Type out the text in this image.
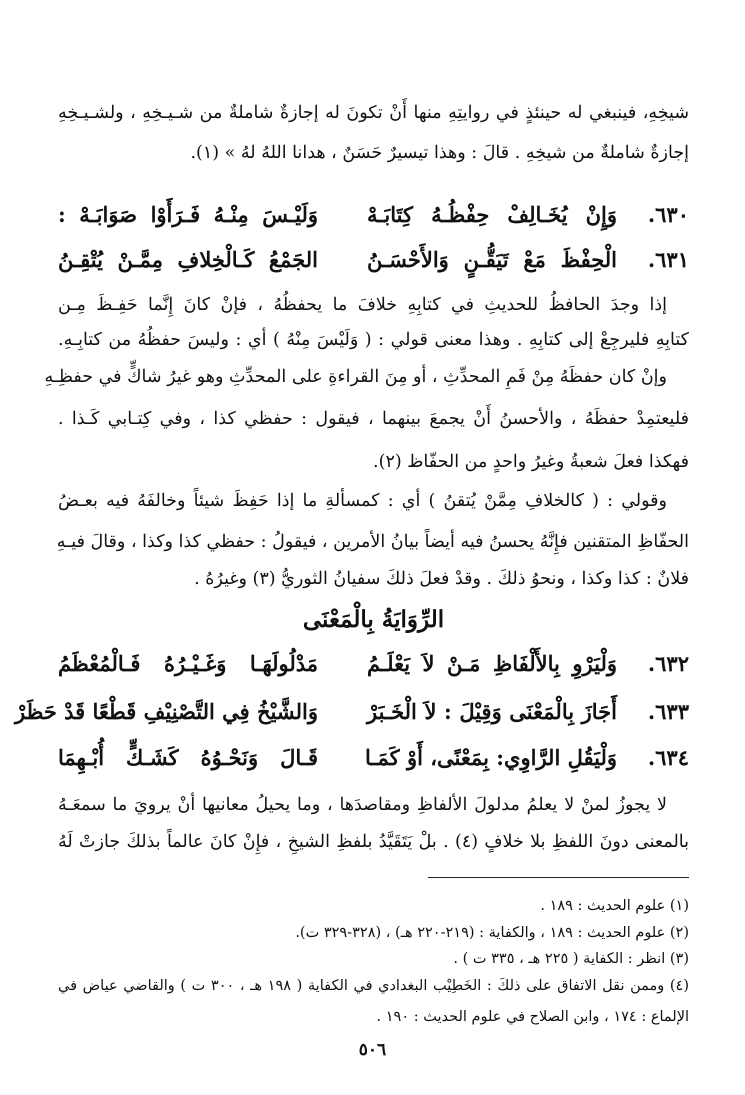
شيخِهِ، فينبغي له حينئذٍ في روايتِهِ منها أَنْ تكونَ له إجازةٌ شاملةٌ من شـيـخِهِ ، ولشـيـخِهِ
إجازةٌ شاملةٌ من شيخِهِ . قالَ : وهذا تيسيرٌ حَسَنٌ ، هدانا اللهُ لهُ » (١).
٦٣٠.
وَإِنْ يُخَـالِفْ حِفْظُـهُ كِتَابَـهْ
وَلَيْـسَ مِنْـهُ فَـرَأَوْا صَوَابَـهْ :
٦٣١.
الْحِفْظَ مَعْ تَيَقُّـنٍ وَالأَحْسَـنُ
الجَمْعُ كَـالْخِلافِ مِمَّـنْ يُتْقِـنُ
إذا وجدَ الحافظُ للحديثِ في كتابِهِ خلافَ ما يحفظُهُ ، فإنْ كانَ إِنَّما حَفِـظَ مِـن
كتابِهِ فليرجِعْ إلى كتابِهِ . وهذا معنى قولي : ( وَلَيْسَ مِنْهُ ) أي : وليسَ حفظُهُ من كتابِـهِ.
وإنْ كان حفظَهُ مِنْ فَمِ المحدِّثِ ، أو مِنَ القراءةِ على المحدِّثِ وهو غيرُ شاكٍّ في حفظِـهِ
فليعتمِدْ حفظَهُ ، والأحسنُ أَنْ يجمعَ بينهما ، فيقول : حفظي كذا ، وفي كِتـابي كَـذا .
فهكذا فعلَ شعبةُ وغيرُ واحدٍ من الحفّاظ (٢).
وقولي : ( كالخلافِ مِمَّنْ يُتقنُ ) أي : كمسألةِ ما إذا حَفِظَ شيئاً وخالفَهُ فيه بعـضُ
الحفّاظِ المتقنين فإِنَّهُ يحسنُ فيه أيضاً بيانُ الأمرين ، فيقولُ : حفظي كذا وكذا ، وقالَ فيـهِ
فلانٌ : كذا وكذا ، ونحوُ ذلكَ . وقدْ فعلَ ذلكَ سفيانُ الثوريُّ (٣) وغيرُهُ .
الرِّوَايَةُ بِالْمَعْنَى
٦٣٢.
وَلْيَرْوِ بِالأَلْفَاظِ مَـنْ لاَ يَعْلَـمُ
مَدْلُولَهَـا وَغَـيْـرُهُ فَـالْمُعْظَمُ
٦٣٣.
أَجَازَ بِالْمَعْنَى وَقِيْلَ : لاَ الْخَـبَرْ
وَالشَّيْخُ فِي التَّصْنِيْفِ قَطْعًا قَدْ حَظَرْ
٦٣٤.
وَلْيَقُلِ الرَّاوِي: بِمَعْنًى، أَوْ كَمَـا
قَـالَ وَنَحْـوُهُ كَشَـكٍّ أُبْـهِمَا
لا يجوزُ لمنْ لا يعلمُ مدلولَ الألفاظِ ومقاصدَها ، وما يحيلُ معانيها أنْ يرويَ ما سمعَـهُ
بالمعنى دونَ اللفظِ بلا خلافٍ (٤) . بلْ يَتَقَيَّدُ بلفظِ الشيخِ ، فإِنْ كانَ عالماً بذلكَ جازتْ لَهُ
(١) علوم الحديث : ١٨٩ .
(٢) علوم الحديث : ١٨٩ ، والكفاية : (٢١٩-٢٢٠ هـ) ، (٣٢٨-٣٢٩ ت).
(٣) انظر : الكفاية ( ٢٢٥ هـ ، ٣٣٥ ت ) .
(٤) وممن نقل الاتفاق على ذلكَ : الخَطِيْب البغدادي في الكفاية ( ١٩٨ هـ ، ٣٠٠ ت ) والقاضي عياض في
الإلماع : ١٧٤ ، وابن الصلاح في علوم الحديث : ١٩٠ .
٥٠٦
